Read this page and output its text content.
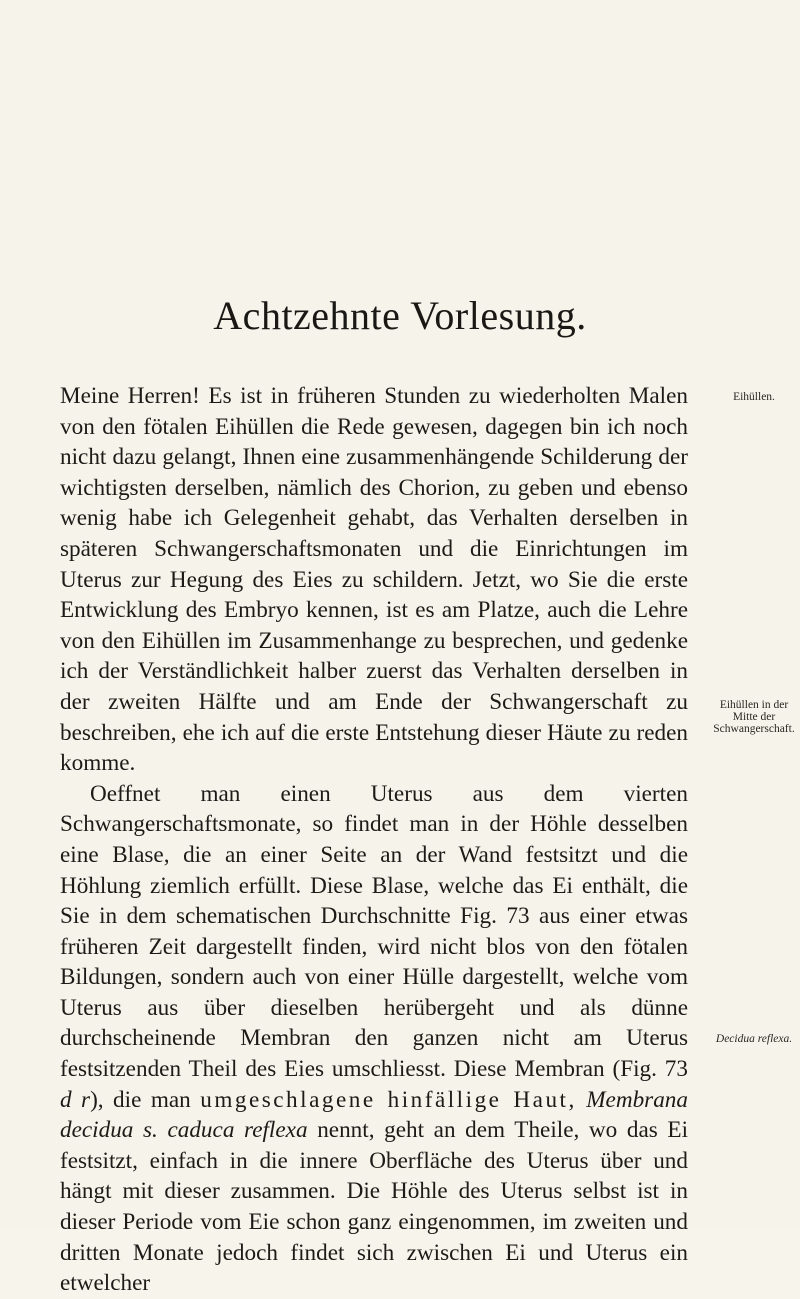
Achtzehnte Vorlesung.
Eihüllen.
Eihüllen in der Mitte der Schwangerschaft.
Decidua reflexa.

Meine Herren! Es ist in früheren Stunden zu wiederholten Malen von den fötalen Eihüllen die Rede gewesen, dagegen bin ich noch nicht dazu gelangt, Ihnen eine zusammenhängende Schilderung der wichtigsten derselben, nämlich des Chorion, zu geben und ebenso wenig habe ich Gelegenheit gehabt, das Verhalten derselben in späteren Schwangerschaftsmonaten und die Einrichtungen im Uterus zur Hegung des Eies zu schildern. Jetzt, wo Sie die erste Entwicklung des Embryo kennen, ist es am Platze, auch die Lehre von den Eihüllen im Zusammenhange zu besprechen, und gedenke ich der Verständlichkeit halber zuerst das Verhalten derselben in der zweiten Hälfte und am Ende der Schwangerschaft zu beschreiben, ehe ich auf die erste Entstehung dieser Häute zu reden komme.

Oeffnet man einen Uterus aus dem vierten Schwangerschaftsmonate, so findet man in der Höhle desselben eine Blase, die an einer Seite an der Wand festsitzt und die Höhlung ziemlich erfüllt. Diese Blase, welche das Ei enthält, die Sie in dem schematischen Durchschnitte Fig. 73 aus einer etwas früheren Zeit dargestellt finden, wird nicht blos von den fötalen Bildungen, sondern auch von einer Hülle dargestellt, welche vom Uterus aus über dieselben herübergeht und als dünne durchscheinende Membran den ganzen nicht am Uterus festsitzenden Theil des Eies umschliesst. Diese Membran (Fig. 73 d r), die man umgeschlagene hinfällige Haut, Membrana decidua s. caduca reflexa nennt, geht an dem Theile, wo das Ei festsitzt, einfach in die innere Oberfläche des Uterus über und hängt mit dieser zusammen. Die Höhle des Uterus selbst ist in dieser Periode vom Eie schon ganz eingenommen, im zweiten und dritten Monate jedoch findet sich zwischen Ei und Uterus ein etwelcher
